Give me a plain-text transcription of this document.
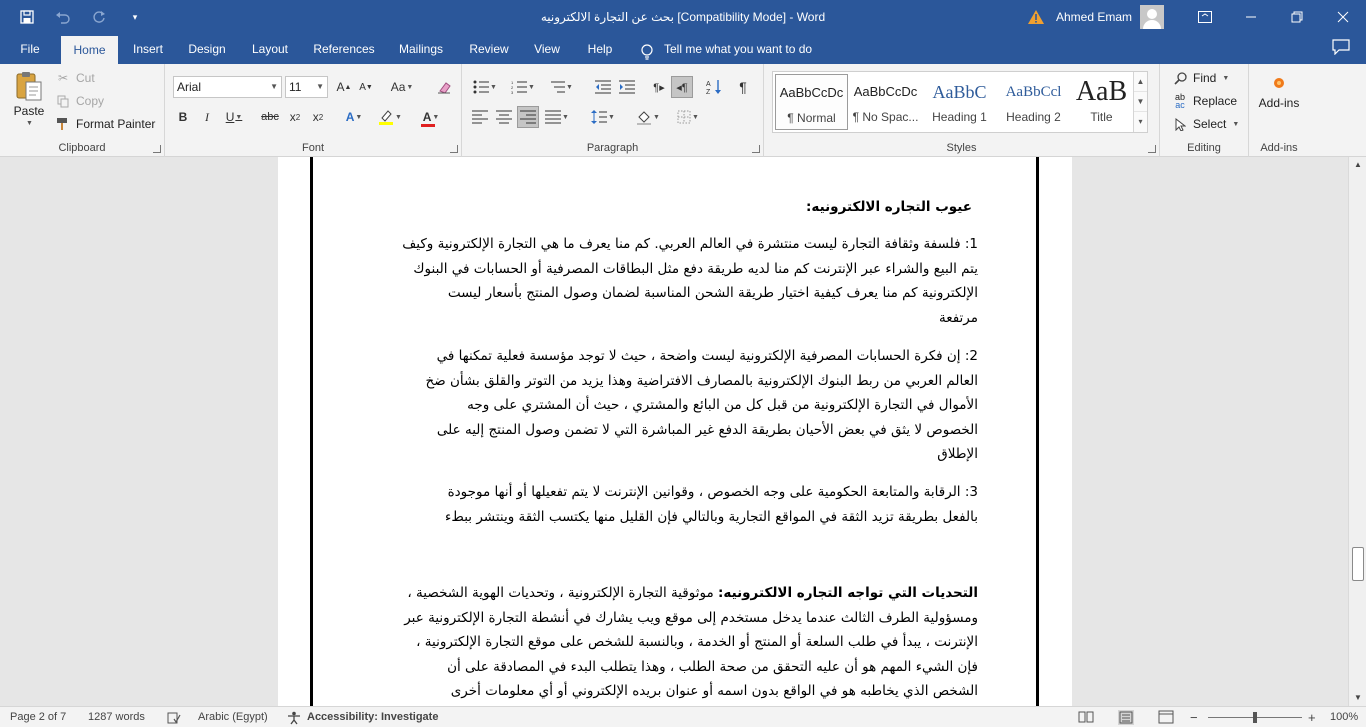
▾	بحث عن التجارة الالكترونيه [Compatibility Mode] - Word	Ahmed Emam
File	Home	Insert	Design	Layout	References	Mailings	Review	View	Help	Tell me what you want to do
Paste
▼
✂ Cut
Copy
Format Painter
Clipboard
Arial	▼ 11 ▼ A ▲ A ▼	Aa ▼
B	I	U ▼ abc x 2	x 2	A ▼	▼ A ▼
Font
▼
1
2
3
▼	▼	¶▸	◂¶	A
Z	¶
▼	▼	▼	▼
Paragraph	Styles
AaBbCcDc
¶ Normal
AaBbCcDc
¶ No Spac...
AaBbC
Heading 1
AaBbCcl
Heading 2
AaB
Title
▲
▼
▾
Find ▼
ab

ac Replace
Select ▼
Editing
Add-ins
Add-ins
عيوب التجاره الالكترونيه:
1: فلسفة وثقافة التجارة ليست منتشرة في العالم العربي. كم منا يعرف ما هي التجارة الإلكترونية وكيف
يتم البيع والشراء عبر الإنترنت كم منا لديه طريقة دفع مثل البطاقات المصرفية أو الحسابات في البنوك
الإلكترونية كم منا يعرف كيفية اختيار طريقة الشحن المناسبة لضمان وصول المنتج بأسعار ليست
مرتفعة
2: إن فكرة الحسابات المصرفية الإلكترونية ليست واضحة ، حيث لا توجد مؤسسة فعلية تمكنها في
العالم العربي من ربط البنوك الإلكترونية بالمصارف الافتراضية وهذا يزيد من التوتر والقلق بشأن ضخ
الأموال في التجارة الإلكترونية من قبل كل من البائع والمشتري ، حيث أن المشتري على وجه
الخصوص لا يثق في بعض الأحيان بطريقة الدفع غير المباشرة التي لا تضمن وصول المنتج إليه على
الإطلاق
3: الرقابة والمتابعة الحكومية على وجه الخصوص ، وقوانين الإنترنت لا يتم تفعيلها أو أنها موجودة
بالفعل بطريقة تزيد الثقة في المواقع التجارية وبالتالي فإن القليل منها يكتسب الثقة وينتشر ببطء
التحديات التي تواجه التجاره الالكترونيه: موثوقية التجارة الإلكترونية ، وتحديات الهوية الشخصية ،
ومسؤولية الطرف الثالث عندما يدخل مستخدم إلى موقع ويب يشارك في أنشطة التجارة الإلكترونية عبر
الإنترنت ، يبدأ في طلب السلعة أو المنتج أو الخدمة ، وبالنسبة للشخص على موقع التجارة الإلكترونية ،
فإن الشيء المهم هو أن عليه التحقق من صحة الطلب ، وهذا يتطلب البدء في المصادقة على أن
الشخص الذي يخاطبه هو في الواقع بدون اسمه أو عنوان بريده الإلكتروني أو أي معلومات أخرى
▲
▼
Page 2 of 7 1287 words	Arabic (Egypt)	Accessibility: Investigate	−	+ 100%
